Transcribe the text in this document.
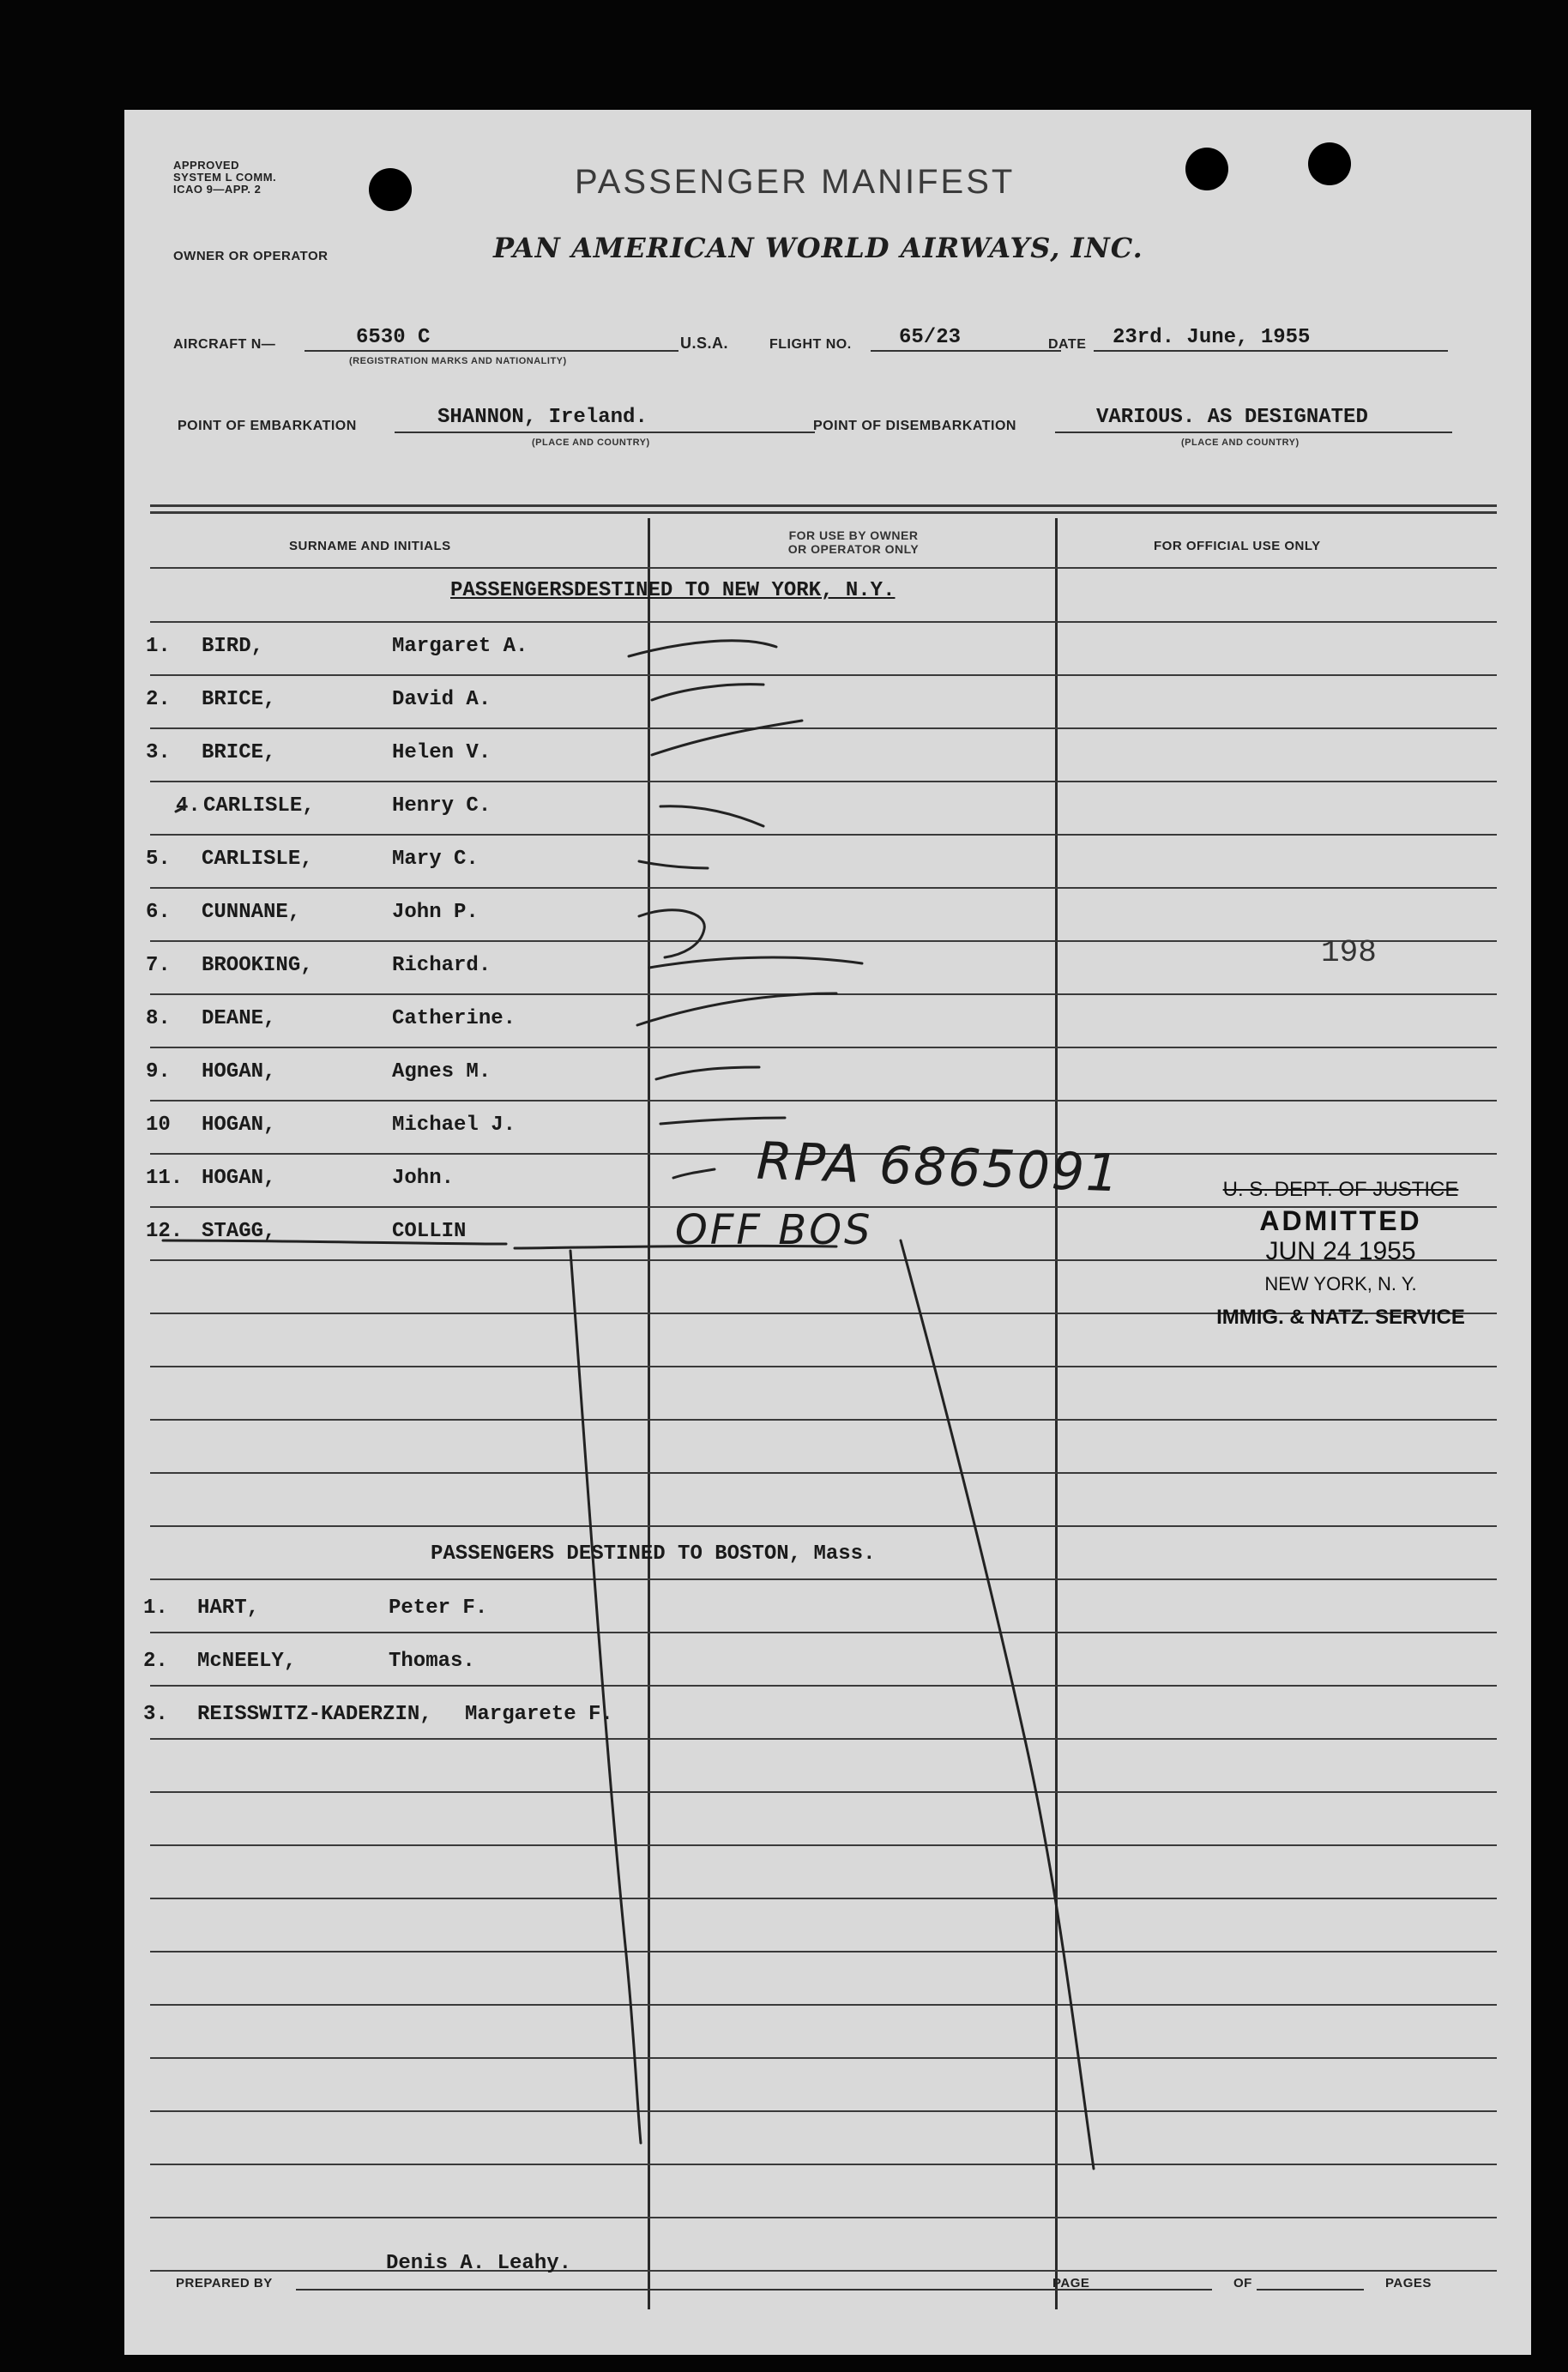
APPROVED
SYSTEM L COMM.
ICAO 9—APP. 2	PASSENGER MANIFEST
OWNER OR OPERATOR	PAN AMERICAN WORLD AIRWAYS, INC.
AIRCRAFT N—	6530 C
(REGISTRATION MARKS AND NATIONALITY)
U.S.A.	FLIGHT NO. 65/23	DATE 23rd. June, 1955
POINT OF EMBARKATION	SHANNON, Ireland.
(PLACE AND COUNTRY)
POINT OF DISEMBARKATION	VARIOUS. AS DESIGNATED
(PLACE AND COUNTRY)
SURNAME AND INITIALS
FOR USE BY OWNER
OR OPERATOR ONLY	FOR OFFICIAL USE ONLY
PASSENGERSDESTINED TO NEW YORK, N.Y.
1. BIRD,	Margaret A.
2. BRICE,	David A.
3. BRICE,	Helen V.
4. CARLISLE,	Henry C.
5. CARLISLE,	Mary C.
6. CUNNANE,	John P.
7. BROOKING,	Richard.
8. DEANE,	Catherine.
9. HOGAN,	Agnes M.
10 HOGAN,	Michael J.
11. HOGAN,	John.
12. STAGG,	COLLIN
PASSENGERS DESTINED TO BOSTON, Mass.
1. HART,	Peter F.
2. McNEELY,	Thomas.
3. REISSWITZ-KADERZIN, Margarete F.
198
RPA 6865091
OFF BOS
U. S. DEPT. OF JUSTICE
ADMITTED
JUN 24 1955
NEW YORK, N. Y.
IMMIG. & NATZ. SERVICE
PREPARED BY
Denis A. Leahy.
PAGE	OF	PAGES
